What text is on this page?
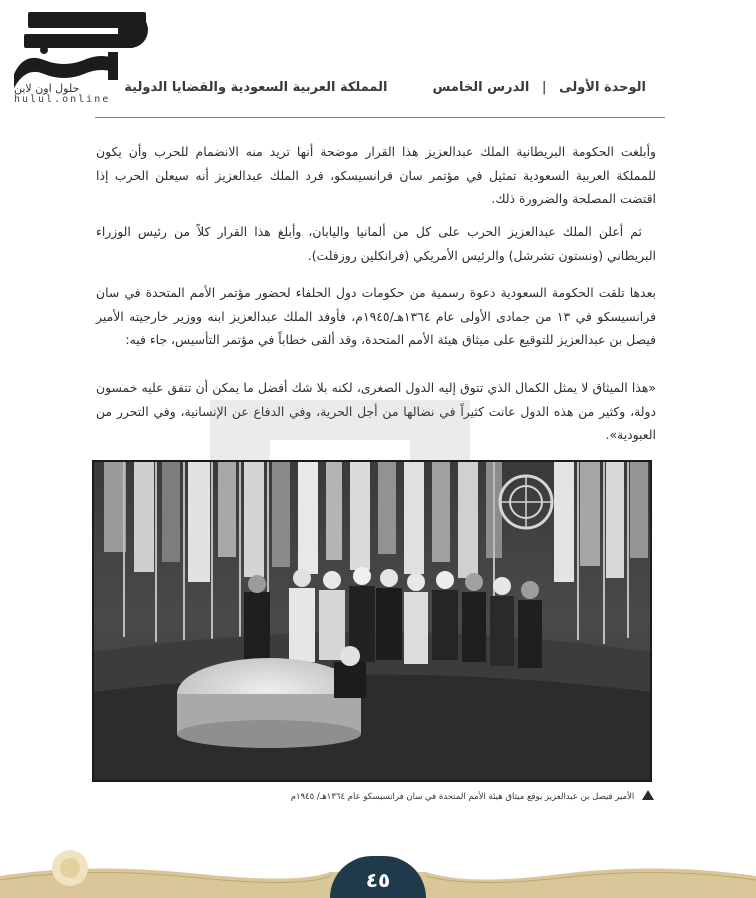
حلول اون لاين
hulul.online
الوحدة الأولى | الدرس الخامس  المملكة العربية السعودية والقضايا الدولية
وأبلغت الحكومة البريطانية الملك عبدالعزيز هذا القرار موضحة أنها تريد منه الانضمام للحرب وأن يكون للمملكة العربية السعودية تمثيل في مؤتمر سان فرانسيسكو، فرد الملك عبدالعزيز أنه سيعلن الحرب إذا اقتضت المصلحة والضرورة ذلك.
ثم أعلن الملك عبدالعزيز الحرب على كل من ألمانيا واليابان، وأبلغ هذا القرار كلاً من رئيس الوزراء البريطاني (ونستون تشرشل) والرئيس الأمريكي (فرانكلين روزفلت).
بعدها تلقت الحكومة السعودية دعوة رسمية من حكومات دول الحلفاء لحضور مؤتمر الأمم المتحدة في سان فرانسيسكو في ١٣ من جمادى الأولى عام ١٣٦٤هـ/١٩٤٥م، فأوفد الملك عبدالعزيز ابنه ووزير خارجيته الأمير فيصل بن عبدالعزيز للتوقيع على ميثاق هيئة الأمم المتحدة، وقد ألقى خطاباً في مؤتمر التأسيس، جاء فيه:
«هذا الميثاق لا يمثل الكمال الذي تتوق إليه الدول الصغرى، لكنه بلا شك أفضل ما يمكن أن تتفق عليه خمسون دولة، وكثير من هذه الدول عانت كثيراً في نضالها من أجل الحرية، وفي الدفاع عن الإنسانية، وفي التحرر من العبودية».
الأمير فيصل بن عبدالعزيز يوقع ميثاق هيئة الأمم المتحدة في سان فرانسيسكو عام ١٣٦٤هـ/ ١٩٤٥م
٤٥
